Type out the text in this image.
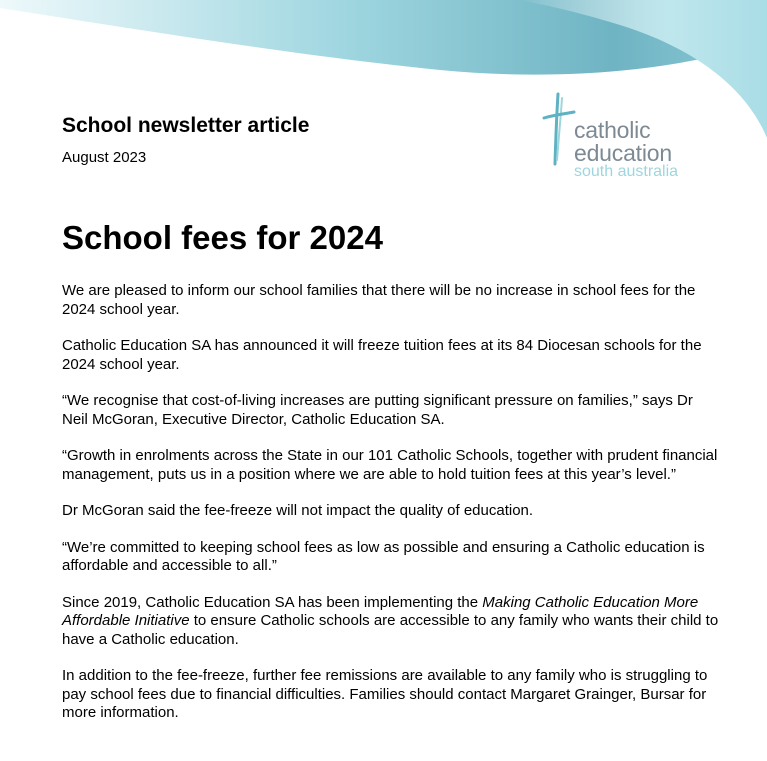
School newsletter article

August 2023

catholic
education
south australia
School fees for 2024

We are pleased to inform our school families that there will be no increase in school fees for the 2024 school year.

Catholic Education SA has announced it will freeze tuition fees at its 84 Diocesan schools for the 2024 school year.

“We recognise that cost-of-living increases are putting significant pressure on families,” says Dr Neil McGoran, Executive Director, Catholic Education SA.

“Growth in enrolments across the State in our 101 Catholic Schools, together with prudent financial management, puts us in a position where we are able to hold tuition fees at this year’s level.”

Dr McGoran said the fee-freeze will not impact the quality of education.

“We’re committed to keeping school fees as low as possible and ensuring a Catholic education is affordable and accessible to all.”

Since 2019, Catholic Education SA has been implementing the Making Catholic Education More Affordable Initiative to ensure Catholic schools are accessible to any family who wants their child to have a Catholic education.

In addition to the fee-freeze, further fee remissions are available to any family who is struggling to pay school fees due to financial difficulties. Families should contact Margaret Grainger, Bursar for more information.
